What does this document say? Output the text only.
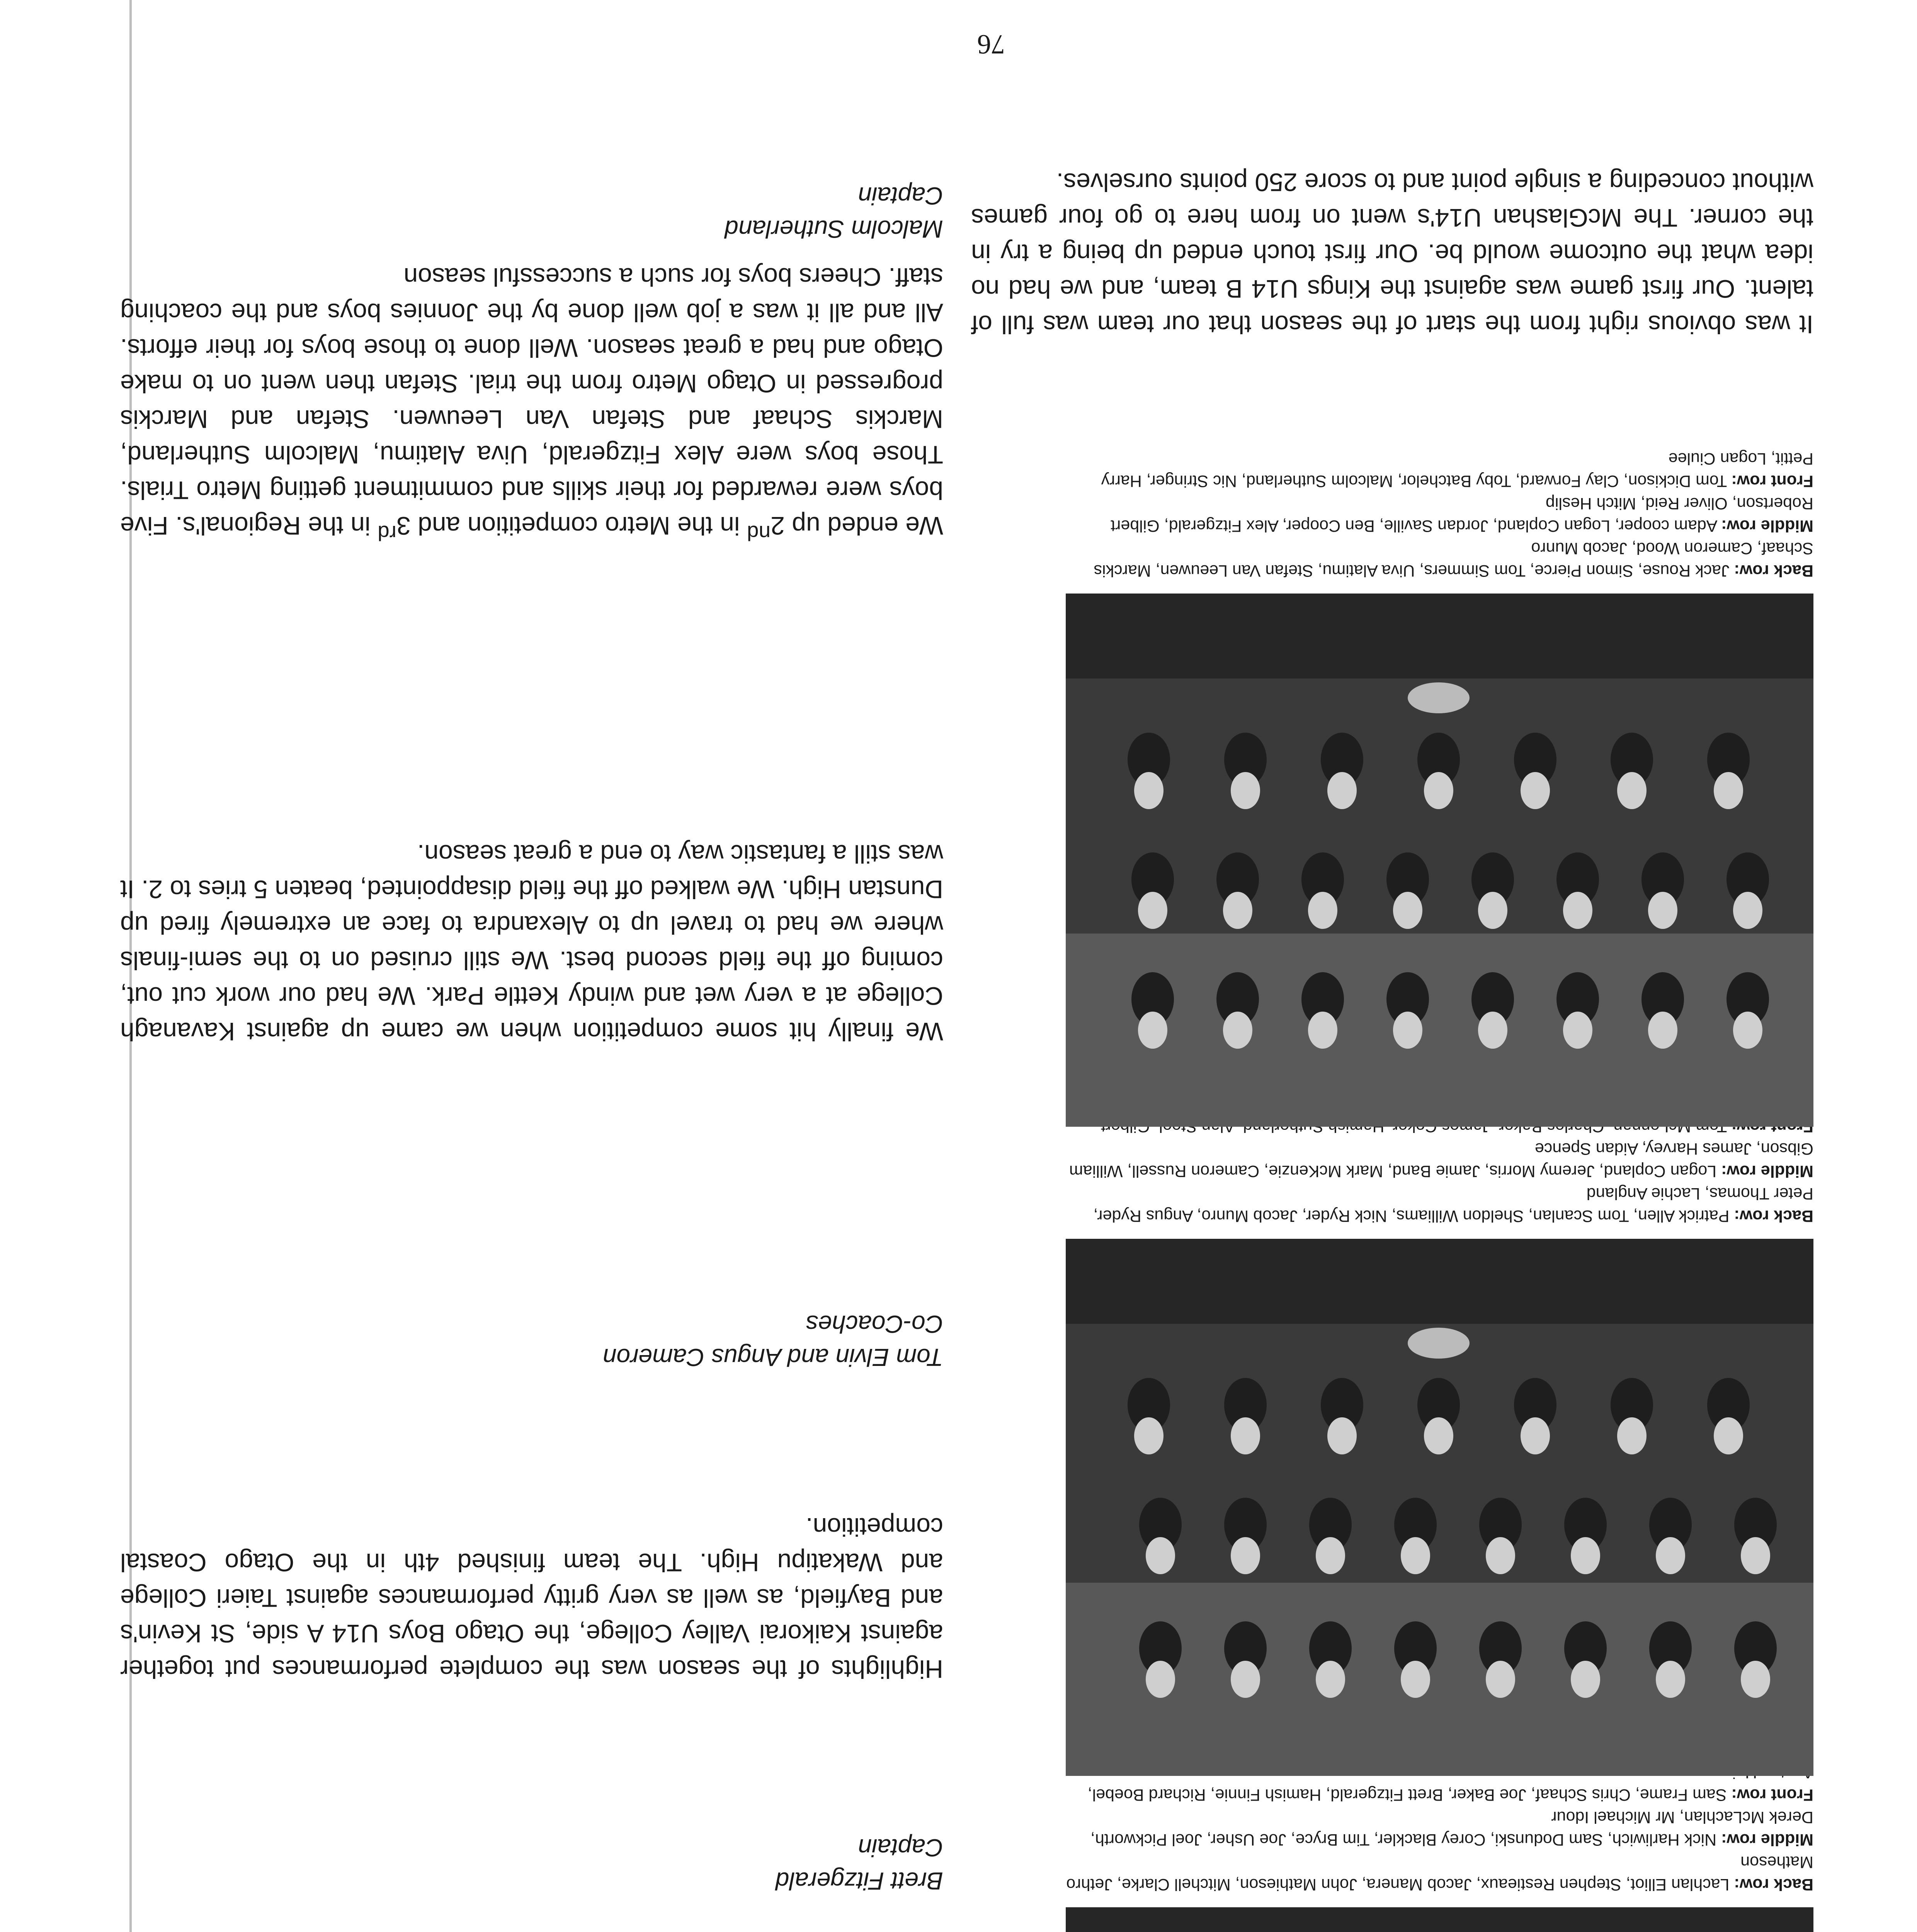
Back row: Lachlan Elliot, Stephen Restieaux, Jacob Manera, John Mathieson, Mitchell Clarke, Jethro Matheson
Middle row: Nick Harliwich, Sam Dodunski, Corey Blackler, Tim Bryce, Joe Usher, Joel Pickworth, Derek McLachlan, Mr Michael Idour
Front row: Sam Frame, Chris Schaaf, Joe Baker, Brett Fitzgerald, Hamish Finnie, Richard Boebel,

Back row: Patrick Allen, Tom Scanlan, Sheldon Williams, Nick Ryder, Jacob Munro, Angus Ryder, Peter Thomas, Lachie Angland
Middle row: Logan Copland, Jeremy Morris, Jamie Band, Mark McKenzie, Cameron Russell, William Gibson, James Harvey, Aidan Spence

Back row: Jack Rouse, Simon Pierce, Tom Simmers, Uiva Alatimu, Stefan Van Leeuwen, Marckis Schaaf, Cameron Wood, Jacob Munro
Middle row: Adam cooper, Logan Copland, Jordan Saville, Ben Cooper, Alex Fitzgerald, Gilbert Robertson, Oliver Reid, Mitch Heslip
Front row: Tom Dickison, Clay Forward, Toby Batchelor, Malcolm Sutherland, Nic Stringer, Harry Pettit, Logan Ciulee

Brett Fitzgerald
Captain

Highlights of the season was the complete performances put together against Kaikorai Valley College, the Otago Boys U14 A side, St Kevin's and Bayfield, as well as very gritty performances against Taieri College and Wakatipu High. The team finished 4th in the Otago Coastal competition.

Tom Elvin and Angus Cameron
Co-Coaches

We finally hit some competition when we came up against Kavanagh College at a very wet and windy Kettle Park. We had our work cut out, coming off the field second best. We still cruised on to the semi-finals where we had to travel up to Alexandra to face an extremely fired up Dunstan High. We walked off the field disappointed, beaten 5 tries to 2. It was still a fantastic way to end a great season.

We ended up 2nd in the Metro competition and 3rd in the Regional's. Five boys were rewarded for their skills and commitment getting Metro Trials. Those boys were Alex Fitzgerald, Uiva Alatimu, Malcolm Sutherland, Marckis Schaaf and Stefan Van Leeuwen. Stefan and Marckis progressed in Otago Metro from the trial. Stefan then went on to make Otago and had a great season. Well done to those boys for their efforts. All and all it was a job well done by the Jonnies boys and the coaching staff. Cheers boys for such a successful season

Malcolm Sutherland
Captain

It was obvious right from the start of the season that our team was full of talent. Our first game was against the Kings U14 B team, and we had no idea what the outcome would be. Our first touch ended up being a try in the corner. The McGlashan U14's went on from here to go four games without conceding a single point and to score 250 points ourselves.

76
